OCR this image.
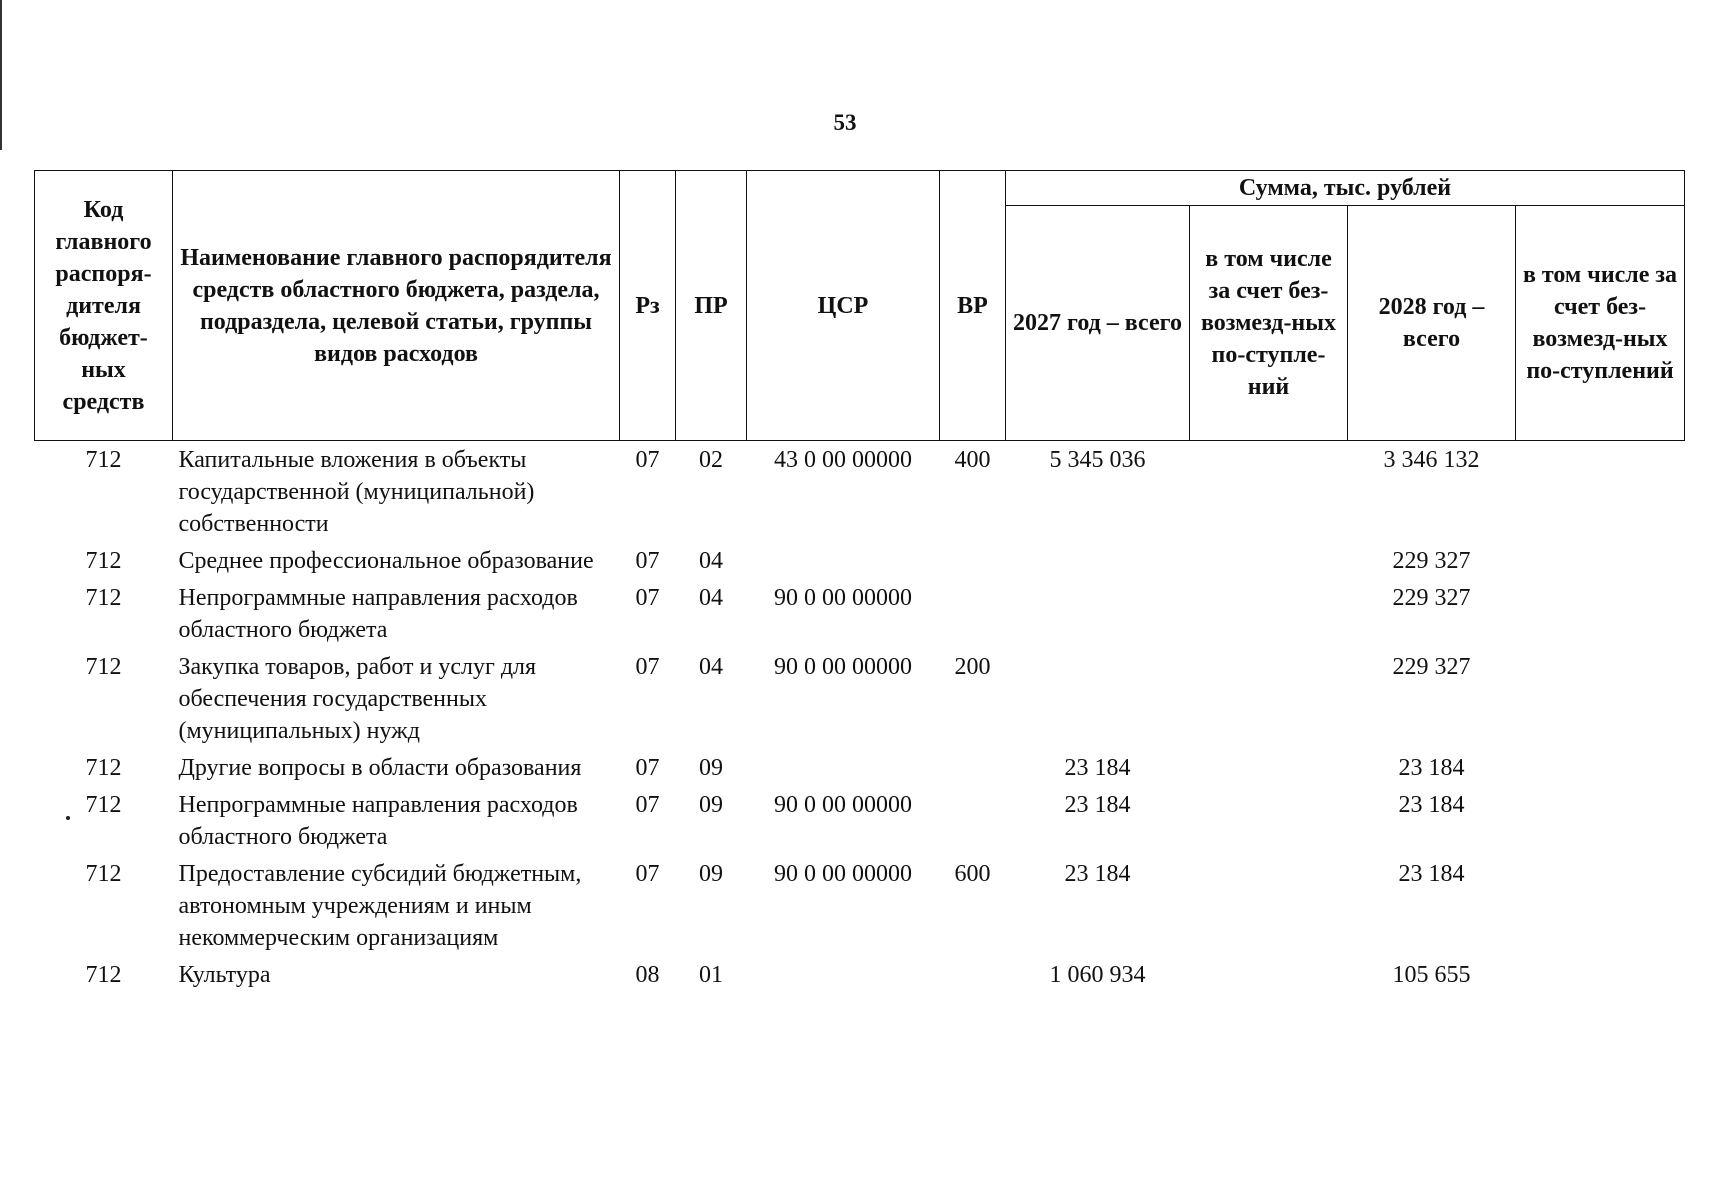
53
Код главного распоря-дителя бюджет-ных средств	Наименование главного распорядителя средств областного бюджета, раздела, подраздела, целевой статьи, группы видов расходов	Рз	ПР	ЦСР	ВР	Сумма, тыс. рублей			
						2027 год – всего	в том числе за счет без-возмезд-ных по-ступле-ний	2028 год – всего	в том числе за счет без-возмезд-ных по-ступлений
712	Капитальные вложения в объекты государственной (муниципальной) собственности	07	02	43 0 00 00000	400	5 345 036		3 346 132	
712	Среднее профессиональное образование	07	04					229 327	
712	Непрограммные направления расходов областного бюджета	07	04	90 0 00 00000				229 327	
712	Закупка товаров, работ и услуг для обеспечения государственных (муниципальных) нужд	07	04	90 0 00 00000	200			229 327	
712	Другие вопросы в области образования	07	09			23 184		23 184	
712	Непрограммные направления расходов областного бюджета	07	09	90 0 00 00000		23 184		23 184	
712	Предоставление субсидий бюджетным, автономным учреждениям и иным некоммерческим организациям	07	09	90 0 00 00000	600	23 184		23 184	
712	Культура	08	01			1 060 934		105 655	
